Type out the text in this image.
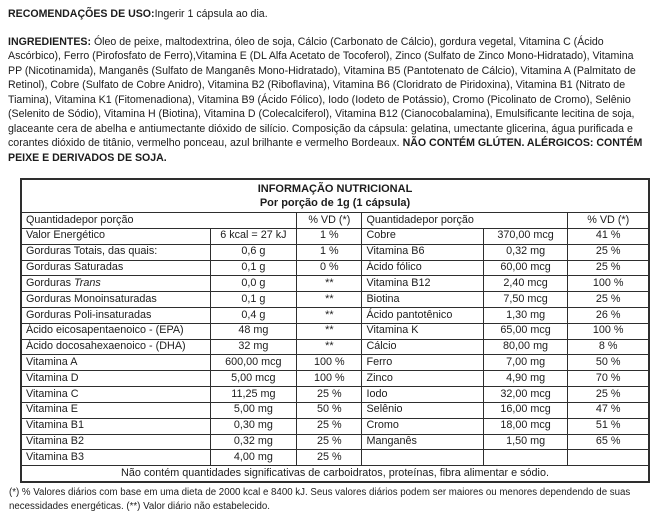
RECOMENDAÇÕES DE USO:Ingerir 1 cápsula ao dia.

INGREDIENTES: Óleo de peixe, maltodextrina, óleo de soja, Cálcio (Carbonato de Cálcio), gordura vegetal, Vitamina C (Ácido Ascórbico), Ferro (Pirofosfato de Ferro),Vitamina E (DL Alfa Acetato de Tocoferol), Zinco (Sulfato de Zinco Mono-Hidratado), Vitamina PP (Nicotinamida), Manganês (Sulfato de Manganês Mono-Hidratado), Vitamina B5 (Pantotenato de Cálcio), Vitamina A (Palmitato de Retinol), Cobre (Sulfato de Cobre Anidro), Vitamina B2 (Riboflavina), Vitamina B6 (Cloridrato de Piridoxina), Vitamina B1 (Nitrato de Tiamina), Vitamina K1 (Fitomenadiona), Vitamina B9 (Ácido Fólico), Iodo (Iodeto de Potássio), Cromo (Picolinato de Cromo), Selênio (Selenito de Sódio), Vitamina H (Biotina), Vitamina D (Colecalciferol), Vitamina B12 (Cianocobalamina), Emulsificante lecitina de soja, glaceante cera de abelha e antiumectante dióxido de silício. Composição da cápsula: gelatina, umectante glicerina, água purificada e corantes dióxido de titânio, vermelho ponceau, azul brilhante e vermelho Bordeaux. NÃO CONTÉM GLÚTEN. ALÉRGICOS: CONTÉM PEIXE E DERIVADOS DE SOJA.

INFORMAÇÃO NUTRICIONAL					
Por porção de 1g (1 cápsula)					
Quantidadepor porção		% VD (*)	Quantidadepor porção		% VD (*)
Valor Energético	6 kcal = 27 kJ	1 %	Cobre	370,00 mcg	41 %
Gorduras Totais, das quais:	0,6 g	1 %	Vitamina B6	0,32 mg	25 %
Gorduras Saturadas	0,1 g	0 %	Ácido fólico	60,00 mcg	25 %
Gorduras Trans	0,0 g	**	Vitamina B12	2,40 mcg	100 %
Gorduras Monoinsaturadas	0,1 g	**	Biotina	7,50 mcg	25 %
Gorduras Poli-insaturadas	0,4 g	**	Ácido pantotênico	1,30 mg	26 %
Ácido eicosapentaenoico - (EPA)	48 mg	**	Vitamina K	65,00 mcg	100 %
Ácido docosahexaenoico - (DHA)	32 mg	**	Cálcio	80,00 mg	8 %
Vitamina A	600,00 mcg	100 %	Ferro	7,00 mg	50 %
Vitamina D	5,00 mcg	100 %	Zinco	4,90 mg	70 %
Vitamina C	11,25 mg	25 %	Iodo	32,00 mcg	25 %
Vitamina E	5,00 mg	50 %	Selênio	16,00 mcg	47 %
Vitamina B1	0,30 mg	25 %	Cromo	18,00 mcg	51 %
Vitamina B2	0,32 mg	25 %	Manganês	1,50 mg	65 %
Vitamina B3	4,00 mg	25 %			
Não contém quantidades significativas de carboidratos, proteínas, fibra alimentar e sódio.					

(*) % Valores diários com base em uma dieta de 2000 kcal e 8400 kJ. Seus valores diários podem ser maiores ou menores dependendo de suas necessidades energéticas. (**) Valor diário não estabelecido.
